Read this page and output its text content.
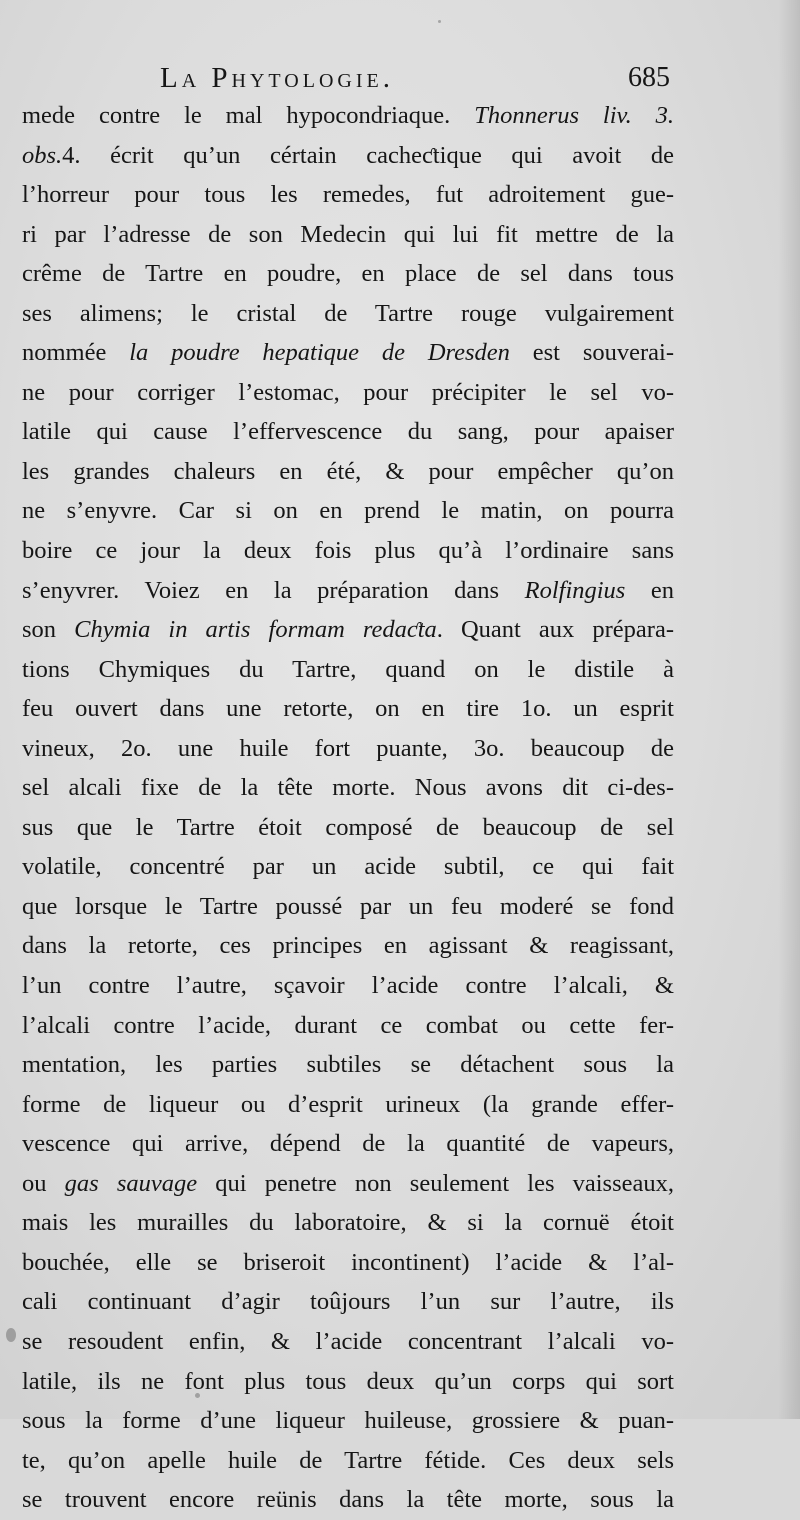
La Phytologie.	685
mede contre le mal hypocondriaque. Thonnerus liv. 3.
obs.4. écrit qu’un cértain cacheƈtique qui avoit de
l’horreur pour tous les remedes, fut adroitement gue-
ri par l’adresse de son Medecin qui lui fit mettre de la
crême de Tartre en poudre, en place de sel dans tous
ses alimens; le cristal de Tartre rouge vulgairement
nommée la poudre hepatique de Dresden est souverai-
ne pour corriger l’estomac, pour précipiter le sel vo-
latile qui cause l’effervescence du sang, pour apaiser
les grandes chaleurs en été, & pour empêcher qu’on
ne s’enyvre. Car si on en prend le matin, on pourra
boire ce jour la deux fois plus qu’à l’ordinaire sans
s’enyvrer. Voiez en la préparation dans Rolfingius en
son Chymia in artis formam redaƈta. Quant aux prépara-
tions Chymiques du Tartre, quand on le distile à
feu ouvert dans une retorte, on en tire 1o. un esprit
vineux, 2o. une huile fort puante, 3o. beaucoup de
sel alcali fixe de la tête morte. Nous avons dit ci-des-
sus que le Tartre étoit composé de beaucoup de sel
volatile, concentré par un acide subtil, ce qui fait
que lorsque le Tartre poussé par un feu moderé se fond
dans la retorte, ces principes en agissant & reagissant,
l’un contre l’autre, sçavoir l’acide contre l’alcali, &
l’alcali contre l’acide, durant ce combat ou cette fer-
mentation, les parties subtiles se détachent sous la
forme de liqueur ou d’esprit urineux (la grande effer-
vescence qui arrive, dépend de la quantité de vapeurs,
ou gas sauvage qui penetre non seulement les vaisseaux,
mais les murailles du laboratoire, & si la cornuë étoit
bouchée, elle se briseroit incontinent) l’acide & l’al-
cali continuant d’agir toûjours l’un sur l’autre, ils
se resoudent enfin, & l’acide concentrant l’alcali vo-
latile, ils ne font plus tous deux qu’un corps qui sort
sous la forme d’une liqueur huileuse, grossiere & puan-
te, qu’on apelle huile de Tartre fétide. Ces deux sels
se trouvent encore reünis dans la tête morte, sous la
